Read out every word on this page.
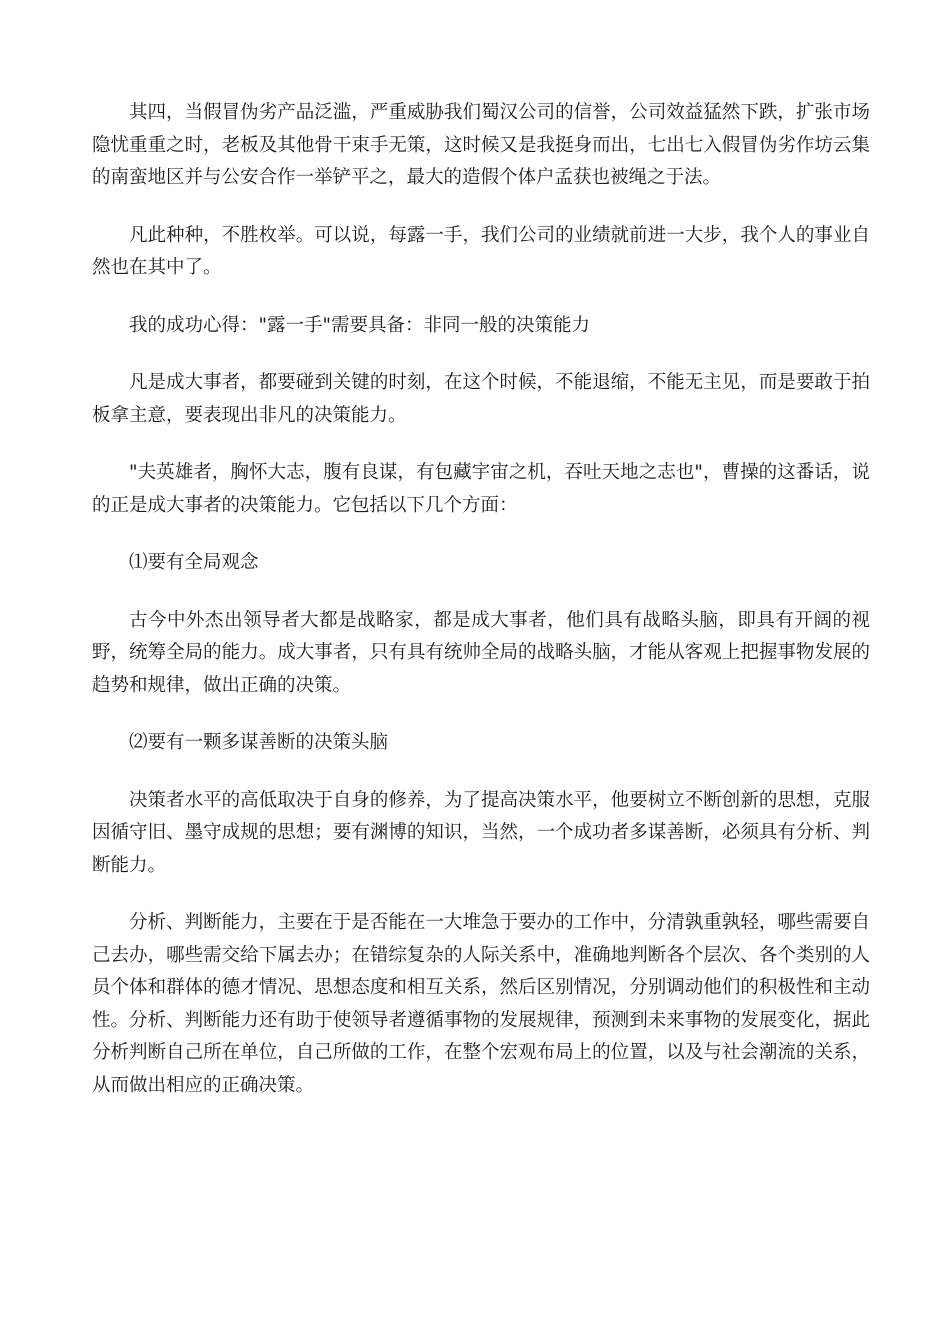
其四，当假冒伪劣产品泛滥，严重威胁我们蜀汉公司的信誉，公司效益猛然下跌，扩张市场隐忧重重之时，老板及其他骨干束手无策，这时候又是我挺身而出，七出七入假冒伪劣作坊云集的南蛮地区并与公安合作一举铲平之，最大的造假个体户孟获也被绳之于法。

凡此种种，不胜枚举。可以说，每露一手，我们公司的业绩就前进一大步，我个人的事业自然也在其中了。

我的成功心得："露一手"需要具备：非同一般的决策能力

凡是成大事者，都要碰到关键的时刻，在这个时候，不能退缩，不能无主见，而是要敢于拍板拿主意，要表现出非凡的决策能力。

"夫英雄者，胸怀大志，腹有良谋，有包藏宇宙之机，吞吐天地之志也"，曹操的这番话，说的正是成大事者的决策能力。它包括以下几个方面：

⑴要有全局观念

古今中外杰出领导者大都是战略家，都是成大事者，他们具有战略头脑，即具有开阔的视野，统筹全局的能力。成大事者，只有具有统帅全局的战略头脑，才能从客观上把握事物发展的趋势和规律，做出正确的决策。

⑵要有一颗多谋善断的决策头脑

决策者水平的高低取决于自身的修养，为了提高决策水平，他要树立不断创新的思想，克服因循守旧、墨守成规的思想；要有渊博的知识，当然，一个成功者多谋善断，必须具有分析、判断能力。

分析、判断能力，主要在于是否能在一大堆急于要办的工作中，分清孰重孰轻，哪些需要自己去办，哪些需交给下属去办；在错综复杂的人际关系中，准确地判断各个层次、各个类别的人员个体和群体的德才情况、思想态度和相互关系，然后区别情况，分别调动他们的积极性和主动性。分析、判断能力还有助于使领导者遵循事物的发展规律，预测到未来事物的发展变化，据此分析判断自己所在单位，自己所做的工作，在整个宏观布局上的位置，以及与社会潮流的关系，从而做出相应的正确决策。
